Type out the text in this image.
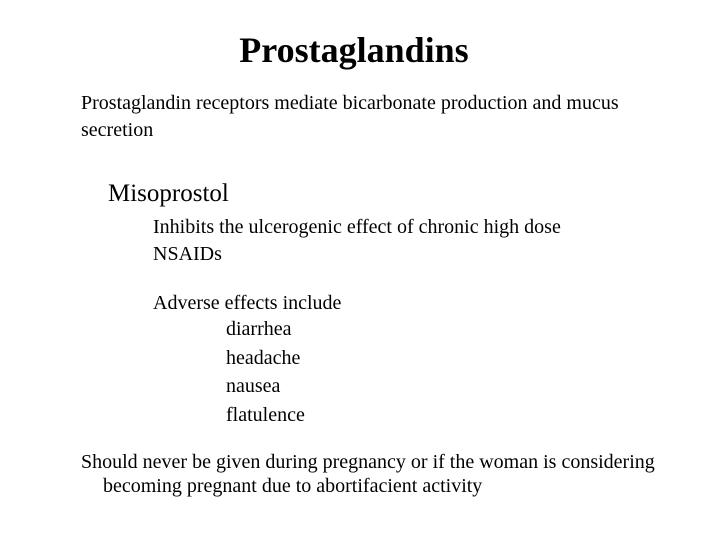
Prostaglandins
Prostaglandin receptors mediate bicarbonate production and mucus secretion
Misoprostol
Inhibits the ulcerogenic effect of chronic high dose NSAIDs
Adverse effects include
diarrhea
headache
nausea
flatulence
Should never be given during pregnancy or if the woman is considering becoming pregnant due to abortifacient activity
